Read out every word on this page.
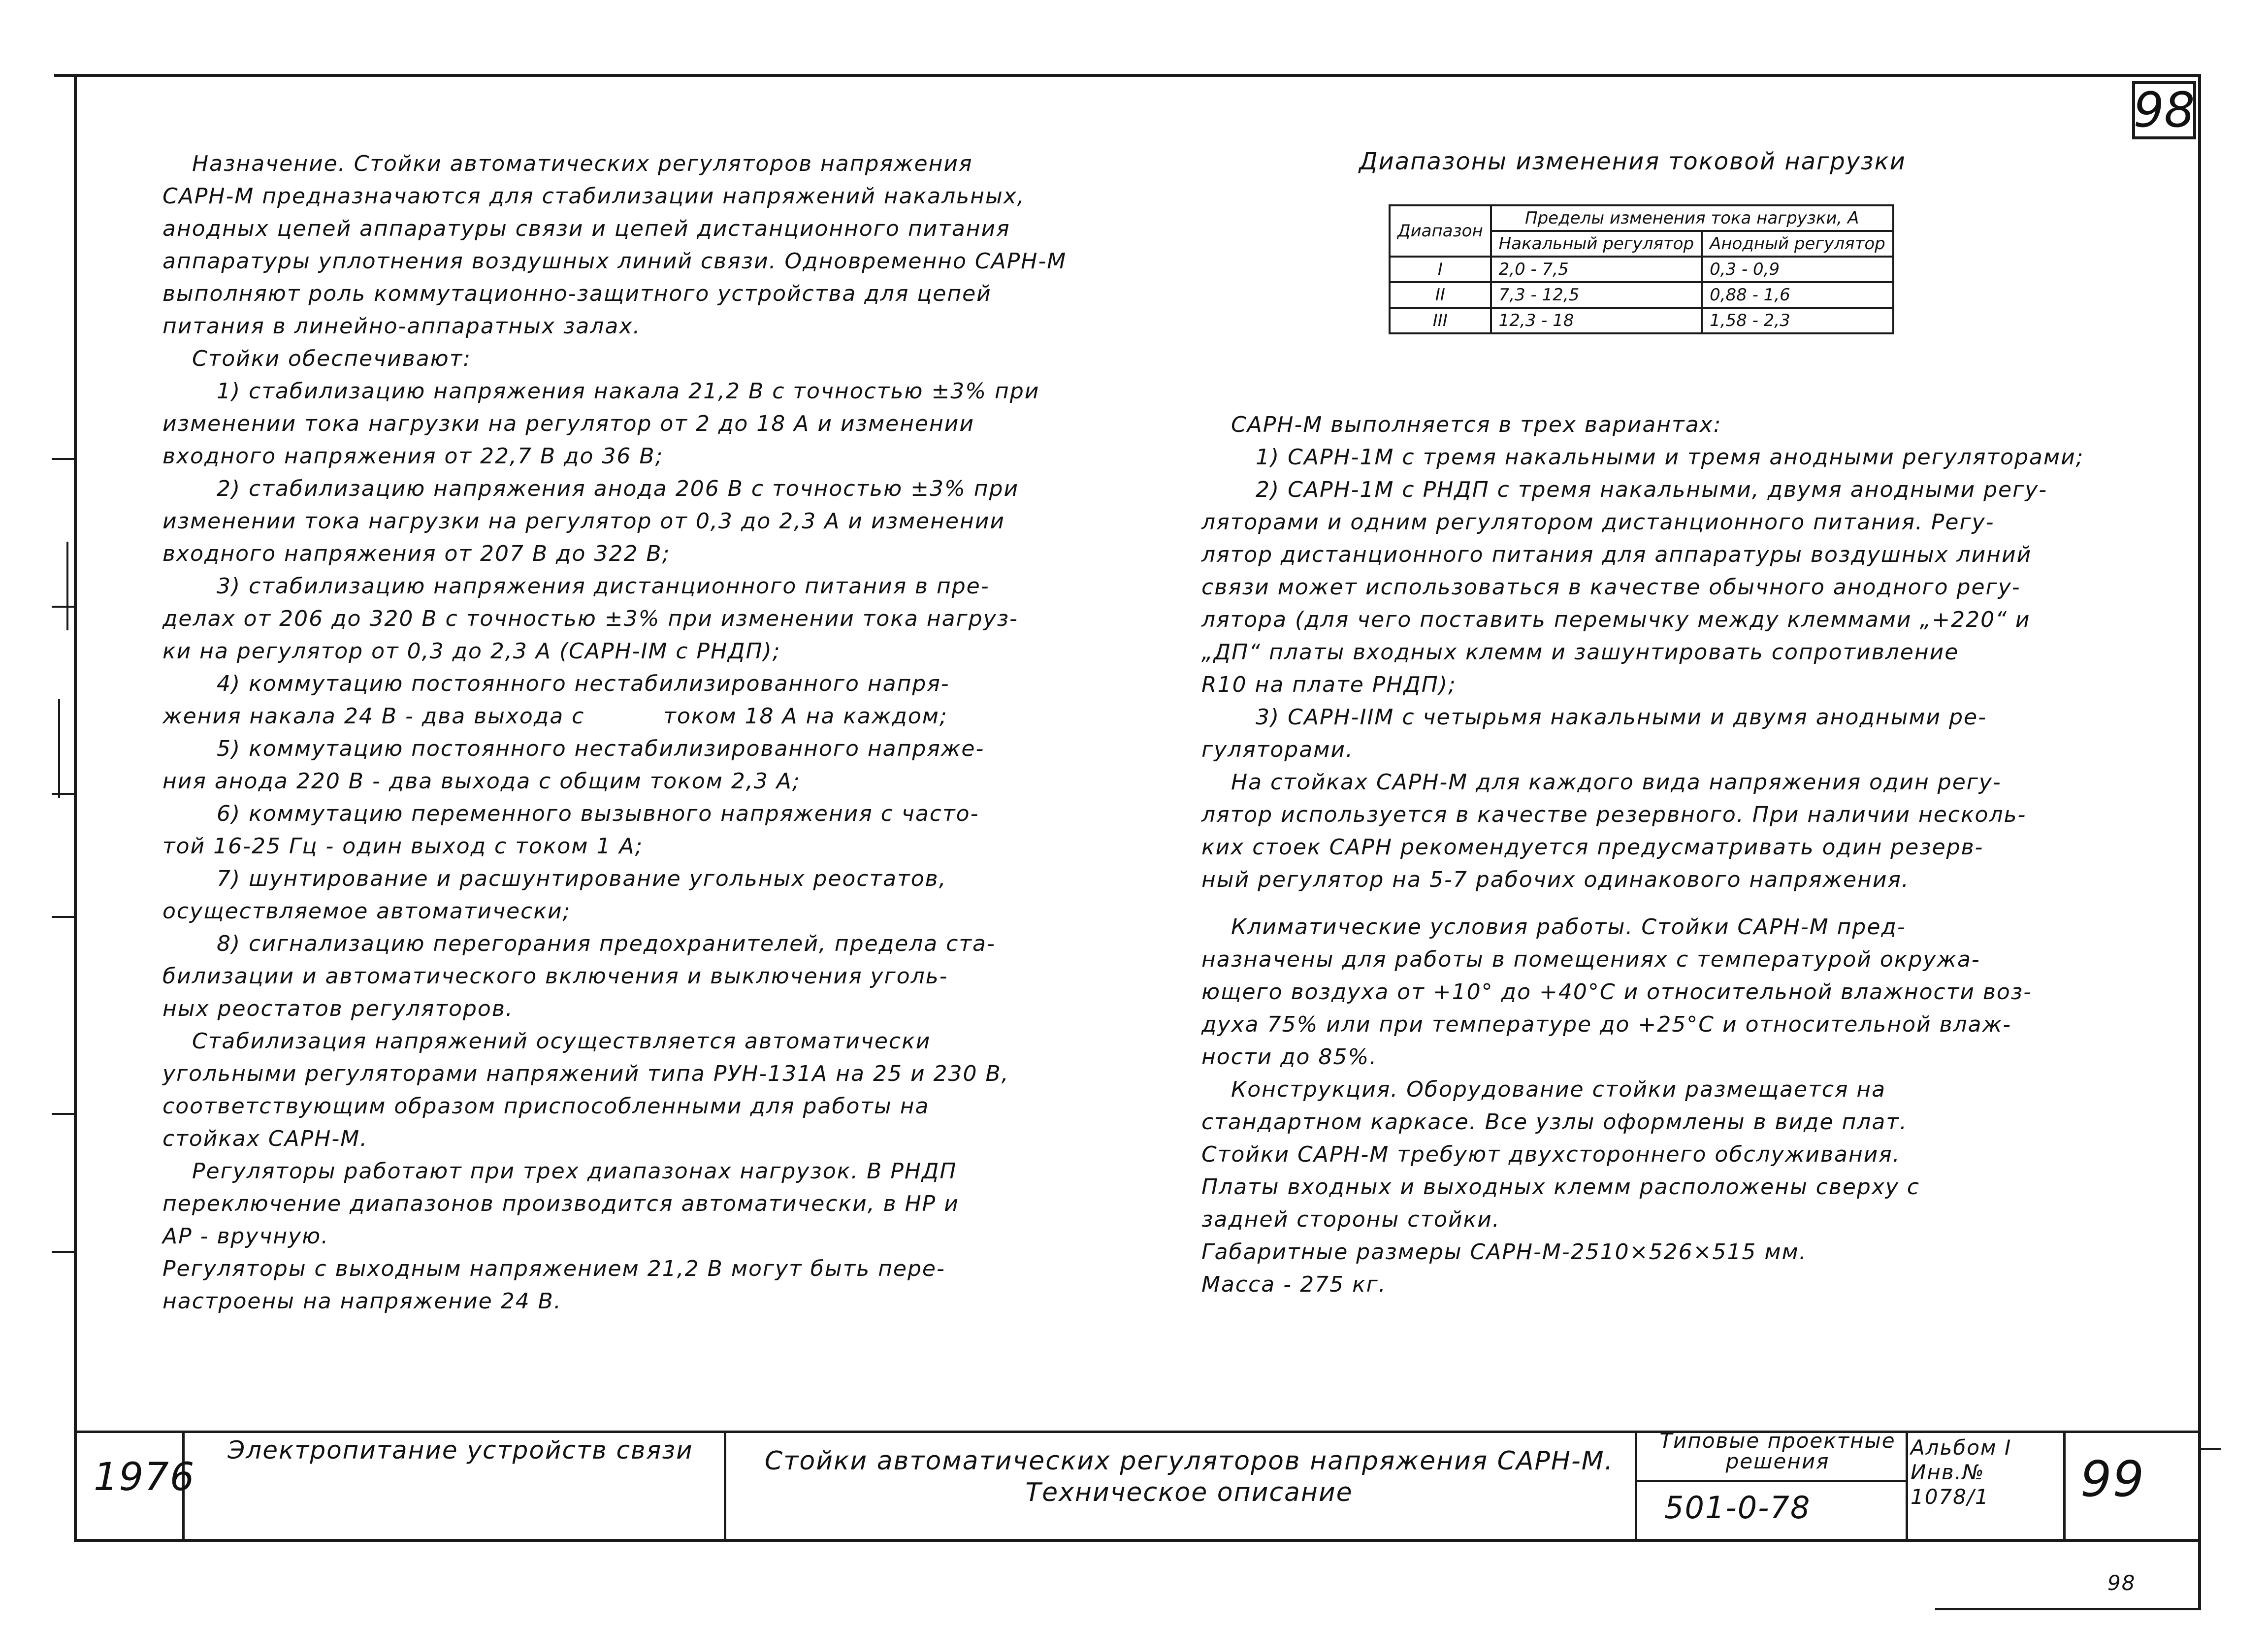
98

Назначение. Стойки автоматических регуляторов напряжения

САРН-М предназначаются для стабилизации напряжений накальных,

анодных цепей аппаратуры связи и цепей дистанционного питания

аппаратуры уплотнения воздушных линий связи. Одновременно САРН-М

выполняют роль коммутационно-защитного устройства для цепей

питания в линейно-аппаратных залах.

Стойки обеспечивают:

1) стабилизацию напряжения накала 21,2 В с точностью ±3% при

изменении тока нагрузки на регулятор от 2 до 18 А и изменении

входного напряжения от 22,7 В до 36 В;

2) стабилизацию напряжения анода 206 В с точностью ±3% при

изменении тока нагрузки на регулятор от 0,3 до 2,3 А и изменении

входного напряжения от 207 В до 322 В;

3) стабилизацию напряжения дистанционного питания в пре-

делах от 206 до 320 В с точностью ±3% при изменении тока нагруз-

ки на регулятор от 0,3 до 2,3 А (САРН-IМ с РНДП);

4) коммутацию постоянного нестабилизированного напря-

жения накала 24 В - два выхода с          током 18 А на каждом;

5) коммутацию постоянного нестабилизированного напряже-

ния анода 220 В - два выхода с общим током 2,3 А;

6) коммутацию переменного вызывного напряжения с часто-

той 16-25 Гц - один выход с током 1 А;

7) шунтирование и расшунтирование угольных реостатов,

осуществляемое автоматически;

8) сигнализацию перегорания предохранителей, предела ста-

билизации и автоматического включения и выключения уголь-

ных реостатов регуляторов.

Стабилизация напряжений осуществляется автоматически

угольными регуляторами напряжений типа РУН-131А на 25 и 230 В,

соответствующим образом приспособленными для работы на

стойках САРН-М.

Регуляторы работают при трех диапазонах нагрузок. В РНДП

переключение диапазонов производится автоматически, в НР и

АР - вручную.

Регуляторы с выходным напряжением 21,2 В могут быть пере-

настроены на напряжение 24 В.

Диапазоны изменения токовой нагрузки
Диапазон	Пределы изменения тока нагрузки, А	
	Накальный регулятор	Анодный регулятор
I	2,0 - 7,5	0,3 - 0,9
II	7,3 - 12,5	0,88 - 1,6
III	12,3 - 18	1,58 - 2,3

САРН-М выполняется в трех вариантах:

1) САРН-1М с тремя накальными и тремя анодными регуляторами;

2) САРН-1М с РНДП с тремя накальными, двумя анодными регу-

ляторами и одним регулятором дистанционного питания. Регу-

лятор дистанционного питания для аппаратуры воздушных линий

связи может использоваться в качестве обычного анодного регу-

лятора (для чего поставить перемычку между клеммами „+220“ и

„ДП“ платы входных клемм и зашунтировать сопротивление

R10 на плате РНДП);

3) САРН-IIМ с четырьмя накальными и двумя анодными ре-

гуляторами.

На стойках САРН-М для каждого вида напряжения один регу-

лятор используется в качестве резервного. При наличии несколь-

ких стоек САРН рекомендуется предусматривать один резерв-

ный регулятор на 5-7 рабочих одинакового напряжения.

Климатические условия работы. Стойки САРН-М пред-

назначены для работы в помещениях с температурой окружа-

ющего воздуха от +10° до +40°С и относительной влажности воз-

духа 75% или при температуре до +25°С и относительной влаж-

ности до 85%.

Конструкция. Оборудование стойки размещается на

стандартном каркасе. Все узлы оформлены в виде плат.

Стойки САРН-М требуют двухстороннего обслуживания.

Платы входных и выходных клемм расположены сверху с

задней стороны стойки.

Габаритные размеры САРН-М-2510×526×515 мм.

Масса - 275 кг.

1976
Электропитание устройств связи	Стойки автоматических регуляторов напряжения САРН-М.
Техническое описание
Типовые проектные решения
501-0-78
Альбом I
Инв.№
1078/1	99
98
